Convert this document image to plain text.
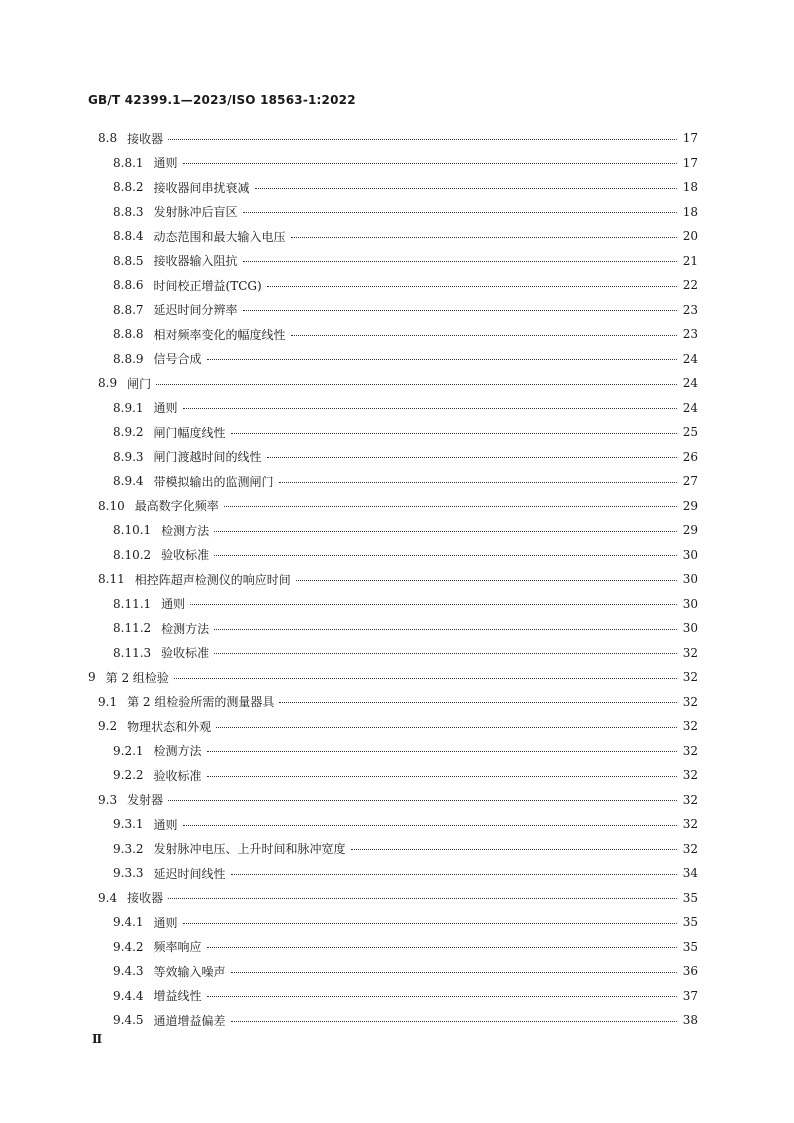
GB/T 42399.1—2023/ISO 18563-1:2022
8.8 接收器	17
8.8.1 通则	17
8.8.2 接收器间串扰衰减	18
8.8.3 发射脉冲后盲区	18
8.8.4 动态范围和最大输入电压	20
8.8.5 接收器输入阻抗	21
8.8.6 时间校正增益(TCG)	22
8.8.7 延迟时间分辨率	23
8.8.8 相对频率变化的幅度线性	23
8.8.9 信号合成	24
8.9 闸门	24
8.9.1 通则	24
8.9.2 闸门幅度线性	25
8.9.3 闸门渡越时间的线性	26
8.9.4 带模拟输出的监测闸门	27
8.10 最高数字化频率	29
8.10.1 检测方法	29
8.10.2 验收标准	30
8.11 相控阵超声检测仪的响应时间	30
8.11.1 通则	30
8.11.2 检测方法	30
8.11.3 验收标准	32
9 第 2 组检验	32
9.1 第 2 组检验所需的测量器具	32
9.2 物理状态和外观	32
9.2.1 检测方法	32
9.2.2 验收标准	32
9.3 发射器	32
9.3.1 通则	32
9.3.2 发射脉冲电压、上升时间和脉冲宽度	32
9.3.3 延迟时间线性	34
9.4 接收器	35
9.4.1 通则	35
9.4.2 频率响应	35
9.4.3 等效输入噪声	36
9.4.4 增益线性	37
9.4.5 通道增益偏差	38
Ⅱ
